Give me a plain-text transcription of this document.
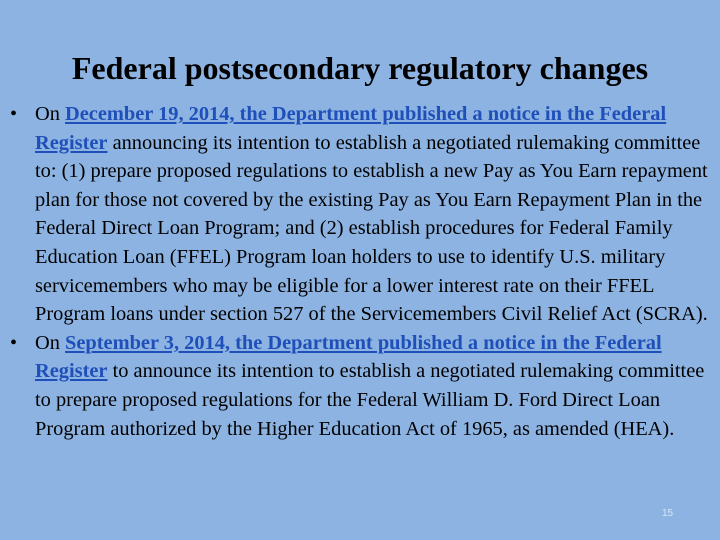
Federal postsecondary regulatory changes
• On December 19, 2014, the Department published a notice in the Federal Register announcing its intention to establish a negotiated rulemaking committee to: (1) prepare proposed regulations to establish a new Pay as You Earn repayment plan for those not covered by the existing Pay as You Earn Repayment Plan in the Federal Direct Loan Program; and (2) establish procedures for Federal Family Education Loan (FFEL) Program loan holders to use to identify U.S. military servicemembers who may be eligible for a lower interest rate on their FFEL Program loans under section 527 of the Servicemembers Civil Relief Act (SCRA).
• On September 3, 2014, the Department published a notice in the Federal Register to announce its intention to establish a negotiated rulemaking committee to prepare proposed regulations for the Federal William D. Ford Direct Loan Program authorized by the Higher Education Act of 1965, as amended (HEA).
15
